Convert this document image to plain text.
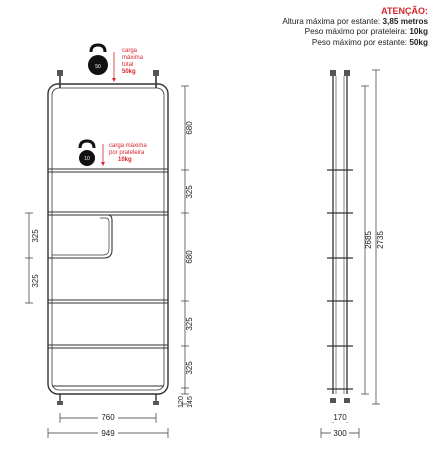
ATENÇÃO:
Altura máxima por estante: 3,85 metros
Peso máximo por prateleira: 10kg
Peso máximo por estante: 50kg
50
carga
máxima
total
50kg
10
carga máxima
por prateleira
10kg
680
325
680
325
325
120 145
325
325
760
949
2685 2735
170
300
